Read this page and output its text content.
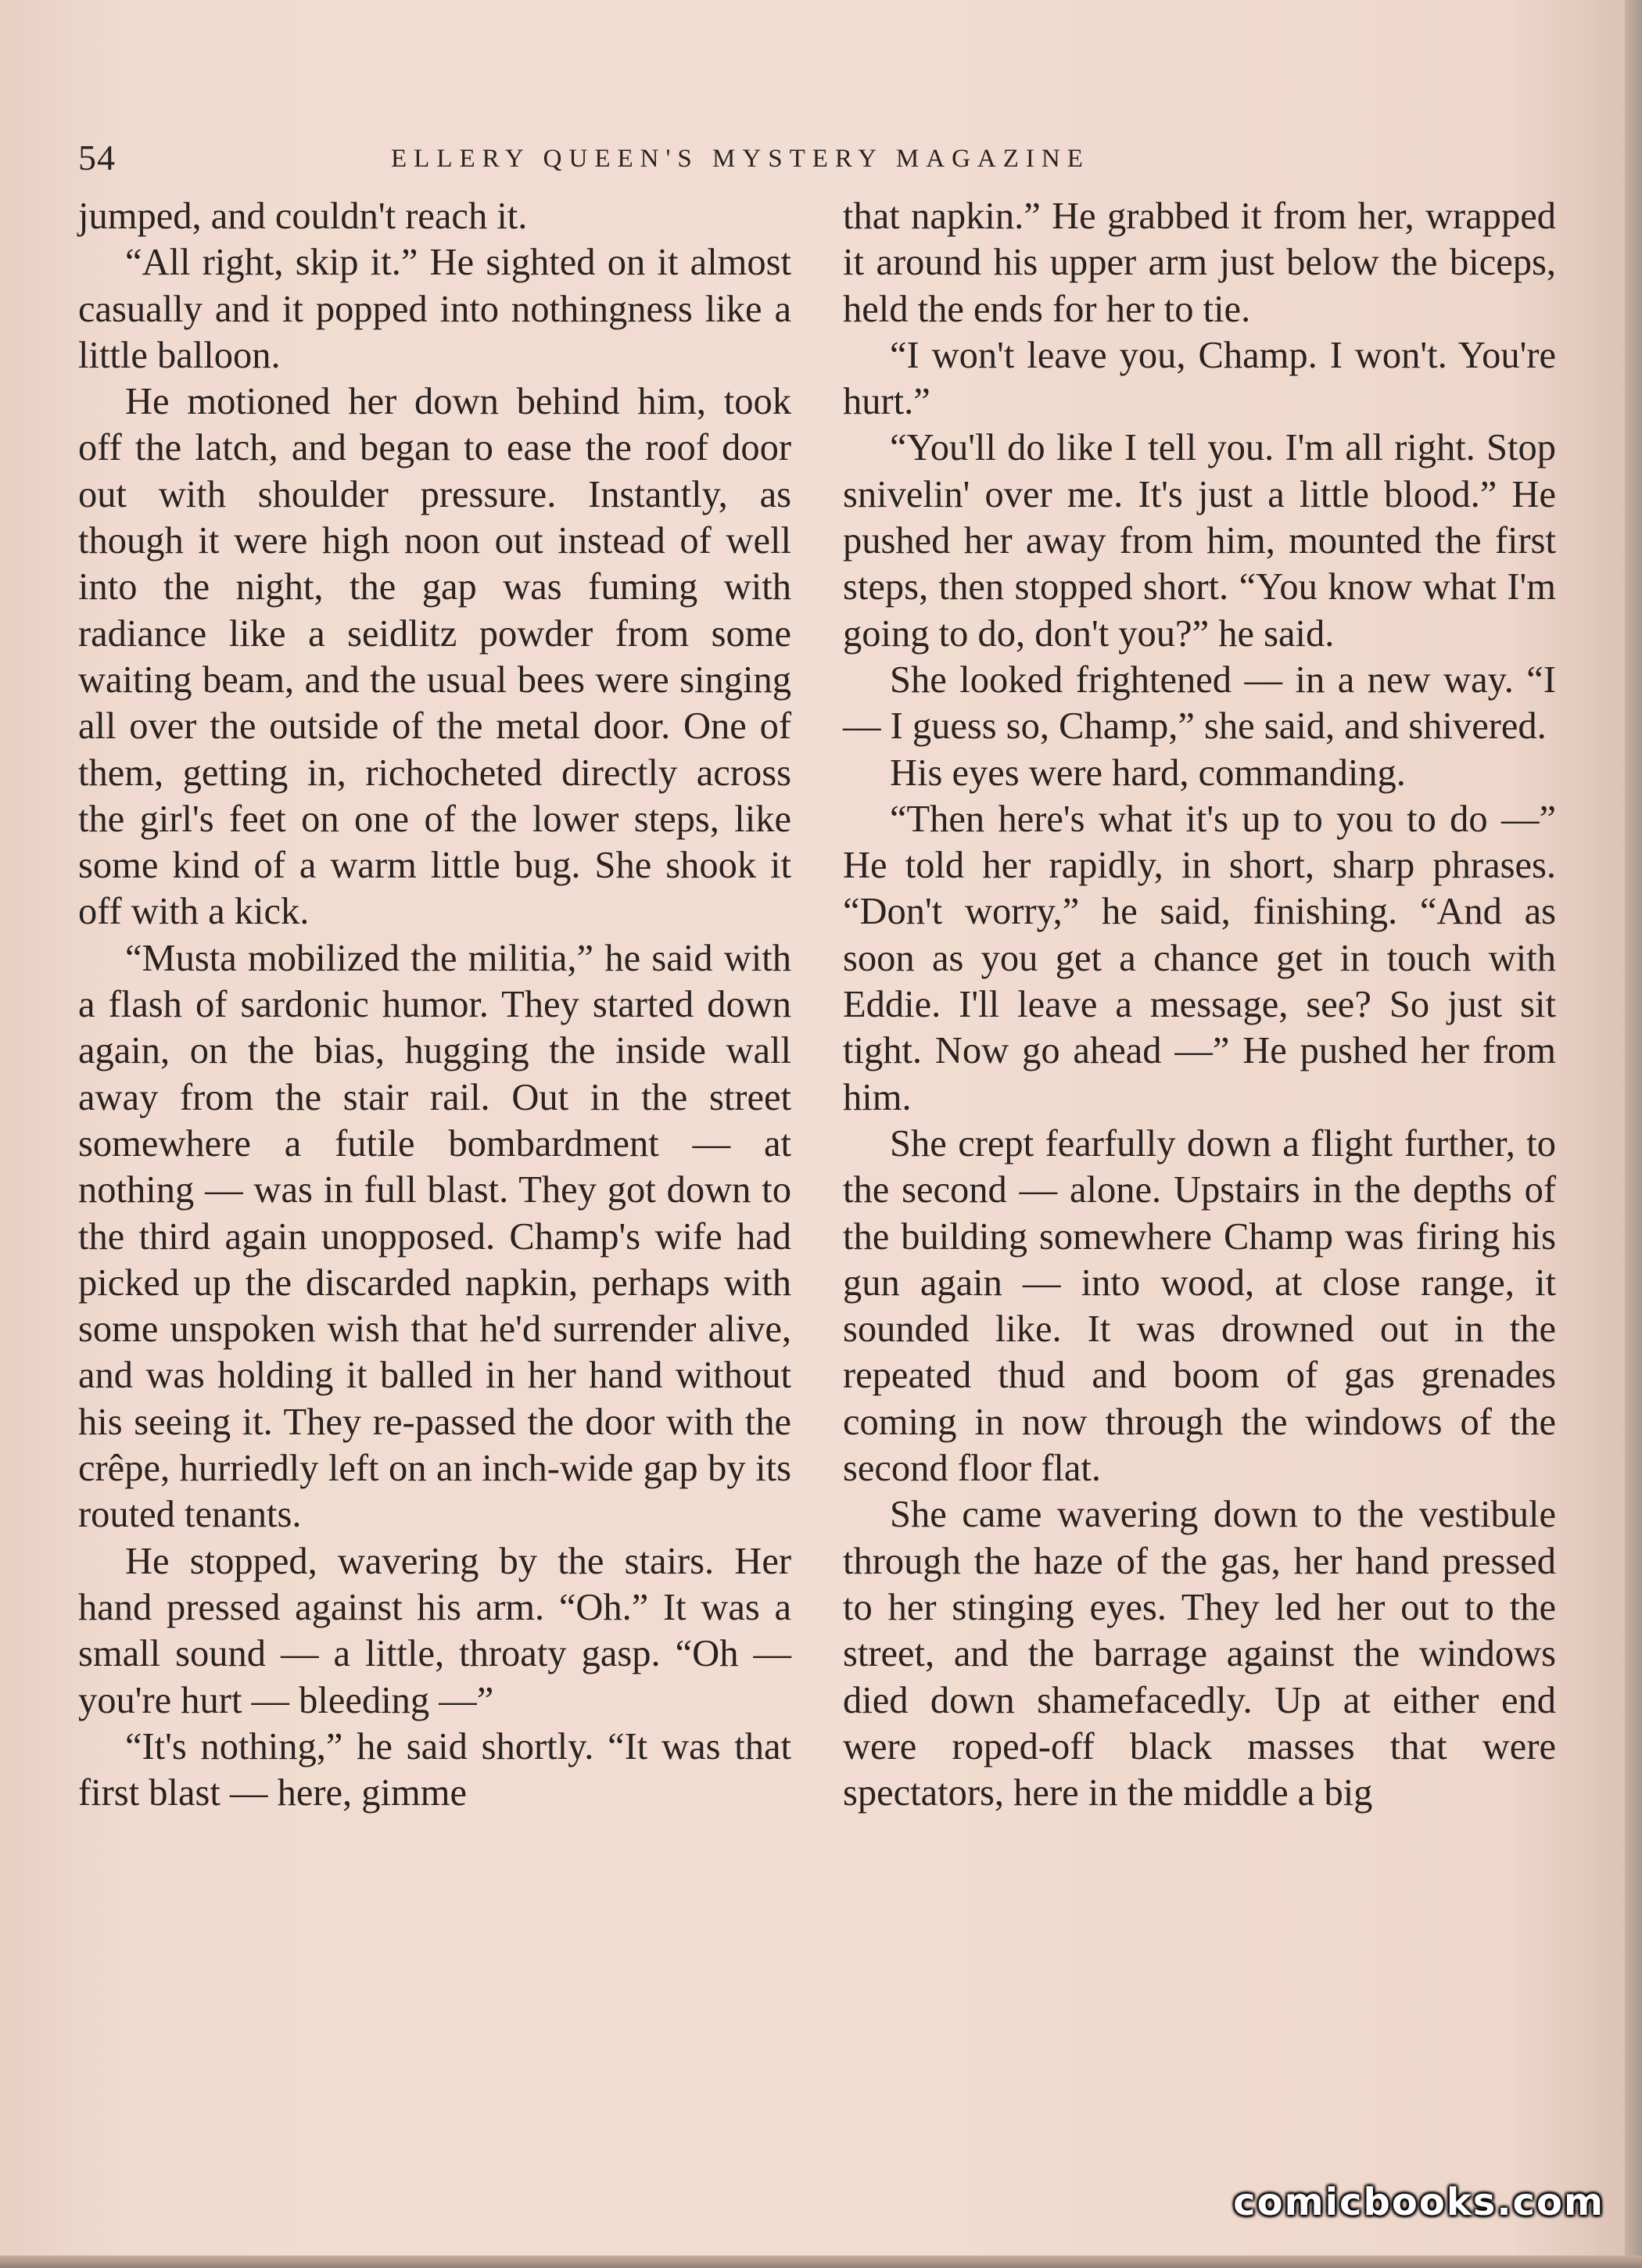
54	ELLERY QUEEN'S MYSTERY MAGAZINE

jumped, and couldn't reach it.

“All right, skip it.” He sighted on it almost casually and it popped into nothingness like a little balloon.

He motioned her down behind him, took off the latch, and began to ease the roof door out with shoulder pressure. Instantly, as though it were high noon out instead of well into the night, the gap was fuming with radiance like a seidlitz powder from some waiting beam, and the usual bees were singing all over the outside of the metal door. One of them, getting in, richocheted directly across the girl's feet on one of the lower steps, like some kind of a warm little bug. She shook it off with a kick.

“Musta mobilized the militia,” he said with a flash of sardonic humor. They started down again, on the bias, hugging the inside wall away from the stair rail. Out in the street somewhere a futile bombardment — at nothing — was in full blast. They got down to the third again unopposed. Champ's wife had picked up the discarded napkin, perhaps with some unspoken wish that he'd surrender alive, and was holding it balled in her hand without his seeing it. They re-passed the door with the crêpe, hurriedly left on an inch-wide gap by its routed tenants.

He stopped, wavering by the stairs. Her hand pressed against his arm. “Oh.” It was a small sound — a little, throaty gasp. “Oh — you're hurt — bleeding —”

“It's nothing,” he said shortly. “It was that first blast — here, gimme

that napkin.” He grabbed it from her, wrapped it around his upper arm just below the biceps, held the ends for her to tie.

“I won't leave you, Champ. I won't. You're hurt.”

“You'll do like I tell you. I'm all right. Stop snivelin' over me. It's just a little blood.” He pushed her away from him, mounted the first steps, then stopped short. “You know what I'm going to do, don't you?” he said.

She looked frightened — in a new way. “I — I guess so, Champ,” she said, and shivered.

His eyes were hard, commanding.

“Then here's what it's up to you to do —” He told her rapidly, in short, sharp phrases. “Don't worry,” he said, finishing. “And as soon as you get a chance get in touch with Eddie. I'll leave a message, see? So just sit tight. Now go ahead —” He pushed her from him.

She crept fearfully down a flight further, to the second — alone. Upstairs in the depths of the building somewhere Champ was firing his gun again — into wood, at close range, it sounded like. It was drowned out in the repeated thud and boom of gas grenades coming in now through the windows of the second floor flat.

She came wavering down to the vestibule through the haze of the gas, her hand pressed to her stinging eyes. They led her out to the street, and the barrage against the windows died down shamefacedly. Up at either end were roped-off black masses that were spectators, here in the middle a big

comicbooks.com
